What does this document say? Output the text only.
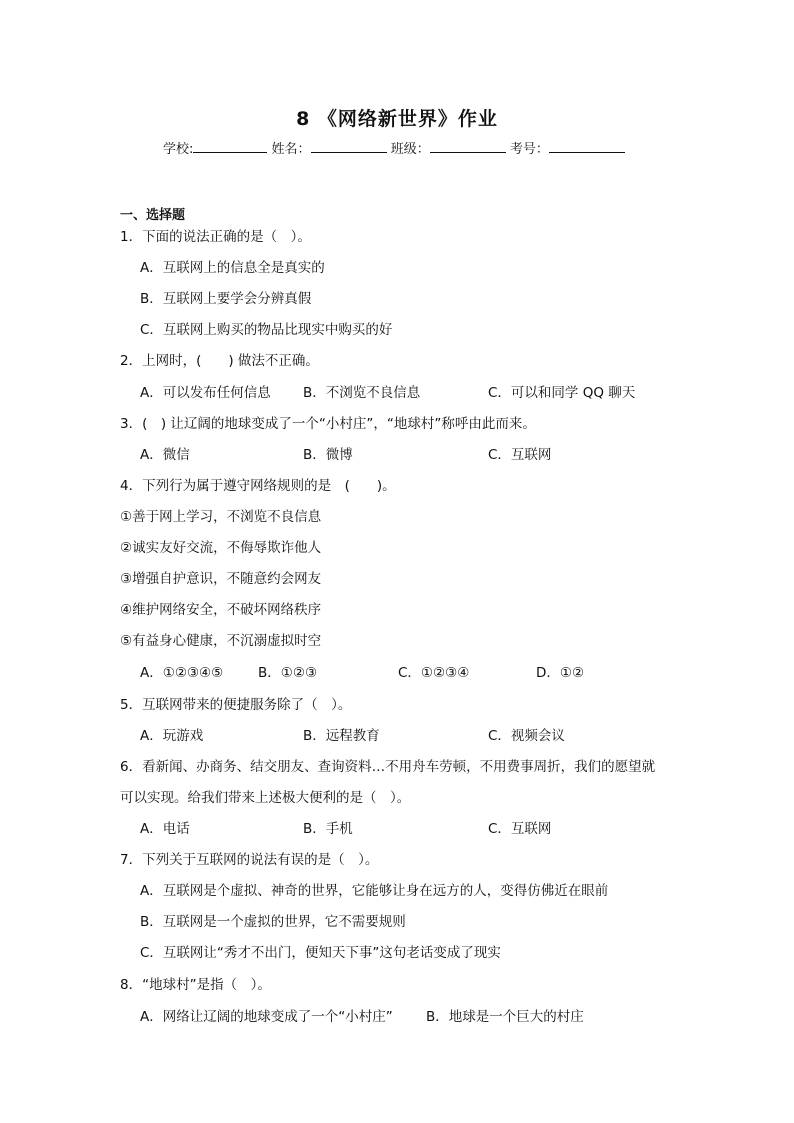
8 《网络新世界》作业
学校:	姓名：	班级：	考号：
一、选择题
1．下面的说法正确的是（　）。
A．互联网上的信息全是真实的
B．互联网上要学会分辨真假
C．互联网上购买的物品比现实中购买的好
2．上网时，(　　) 做法不正确。
A．可以发布任何信息 B．不浏览不良信息	C．可以和同学 QQ 聊天
3．(　) 让辽阔的地球变成了一个“小村庄”，“地球村”称呼由此而来。
A．微信	B．微博	C．互联网
4．下列行为属于遵守网络规则的是　(　　)。
①善于网上学习，不浏览不良信息
②诚实友好交流，不侮辱欺诈他人
③增强自护意识，不随意约会网友
④维护网络安全，不破坏网络秩序
⑤有益身心健康，不沉溺虚拟时空
A．①②③④⑤	B．①②③	C．①②③④	D．①②
5．互联网带来的便捷服务除了（　）。
A．玩游戏	B．远程教育	C．视频会议
6．看新闻、办商务、结交朋友、查询资料…不用舟车劳顿，不用费事周折，我们的愿望就
可以实现。给我们带来上述极大便利的是（　）。
A．电话	B．手机	C．互联网
7．下列关于互联网的说法有误的是（　）。
A．互联网是个虚拟、神奇的世界，它能够让身在远方的人，变得仿佛近在眼前
B．互联网是一个虚拟的世界，它不需要规则
C．互联网让“秀才不出门，便知天下事”这句老话变成了现实
8．“地球村”是指（　）。
A．网络让辽阔的地球变成了一个“小村庄” B．地球是一个巨大的村庄
